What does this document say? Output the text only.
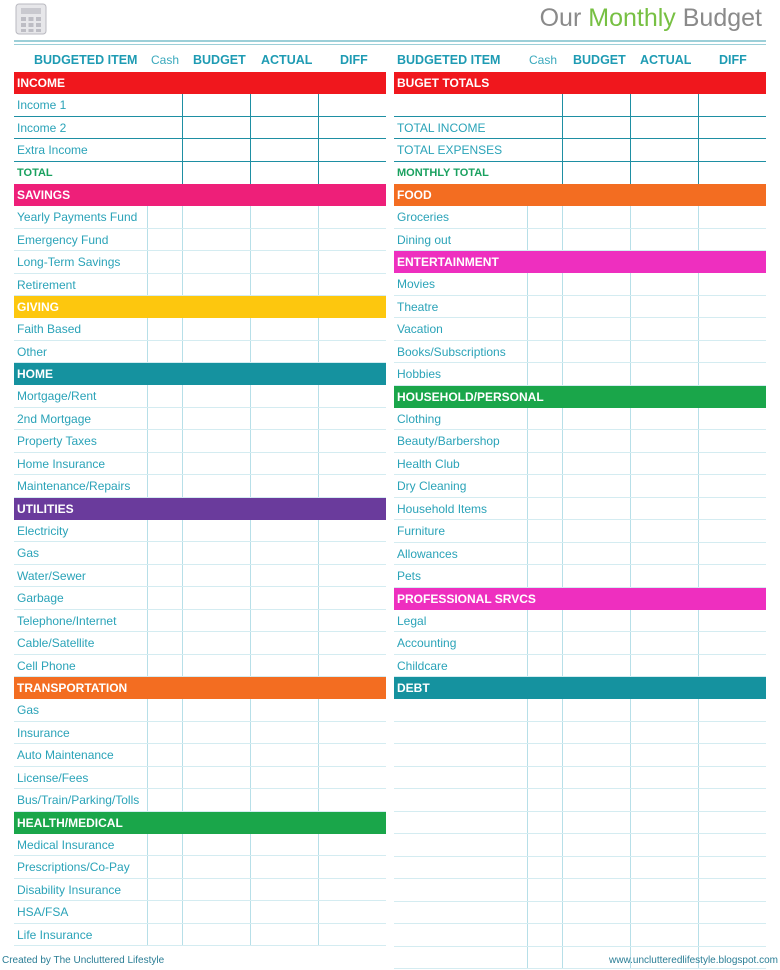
Our Monthly Budget
BUDGETED ITEM Cash BUDGET ACTUAL DIFF BUDGETED ITEM Cash BUDGET ACTUAL DIFF
INCOME
Income 1
Income 2
Extra Income
TOTAL
SAVINGS
Yearly Payments Fund
Emergency Fund
Long-Term Savings
Retirement
GIVING
Faith Based
Other
HOME
Mortgage/Rent
2nd Mortgage
Property Taxes
Home Insurance
Maintenance/Repairs
UTILITIES
Electricity
Gas
Water/Sewer
Garbage
Telephone/Internet
Cable/Satellite
Cell Phone
TRANSPORTATION
Gas
Insurance
Auto Maintenance
License/Fees
Bus/Train/Parking/Tolls
HEALTH/MEDICAL
Medical Insurance
Prescriptions/Co-Pay
Disability Insurance
HSA/FSA
Life Insurance
BUGET TOTALS
TOTAL INCOME
TOTAL EXPENSES
MONTHLY TOTAL
FOOD
Groceries
Dining out
ENTERTAINMENT
Movies
Theatre
Vacation
Books/Subscriptions
Hobbies
HOUSEHOLD/PERSONAL
Clothing
Beauty/Barbershop
Health Club
Dry Cleaning
Household Items
Furniture
Allowances
Pets
PROFESSIONAL SRVCS
Legal
Accounting
Childcare
DEBT
Created by The Uncluttered Lifestyle	www.unclutteredlifestyle.blogspot.com
